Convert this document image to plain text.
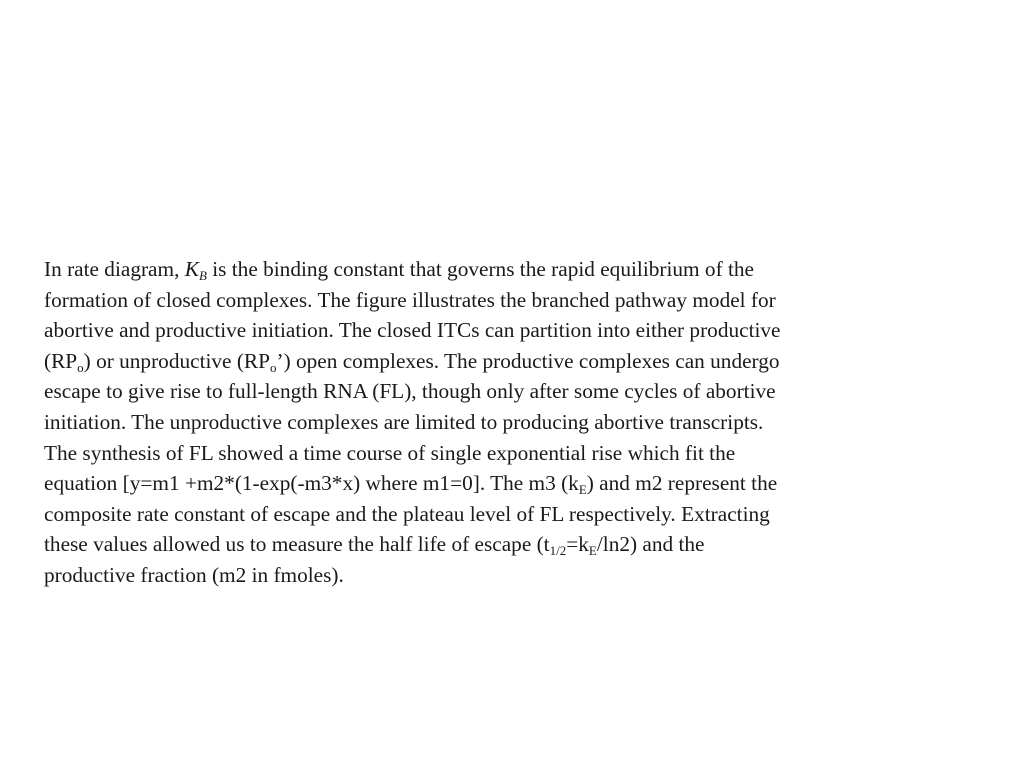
In rate diagram, $K_B$ is the binding constant that governs the rapid equilibrium of the
formation of closed complexes. The figure illustrates the branched pathway model for
abortive and productive initiation. The closed ITCs can partition into either productive
$(RP_o)$ or unproductive $(RP_o’)$ open complexes. The productive complexes can undergo
escape to give rise to full-length RNA (FL), though only after some cycles of abortive
initiation. The unproductive complexes are limited to producing abortive transcripts.
The synthesis of FL showed a time course of single exponential rise which fit the
equation [y=m1 +m2*(1-exp(-m3*x) where m1=0]. The m3 $(k_E)$ and m2 represent the
composite rate constant of escape and the plateau level of FL respectively. Extracting
these values allowed us to measure the half life of escape $(t_{1/2}=k_E/\ln 2)$ and the
productive fraction (m2 in fmoles).
